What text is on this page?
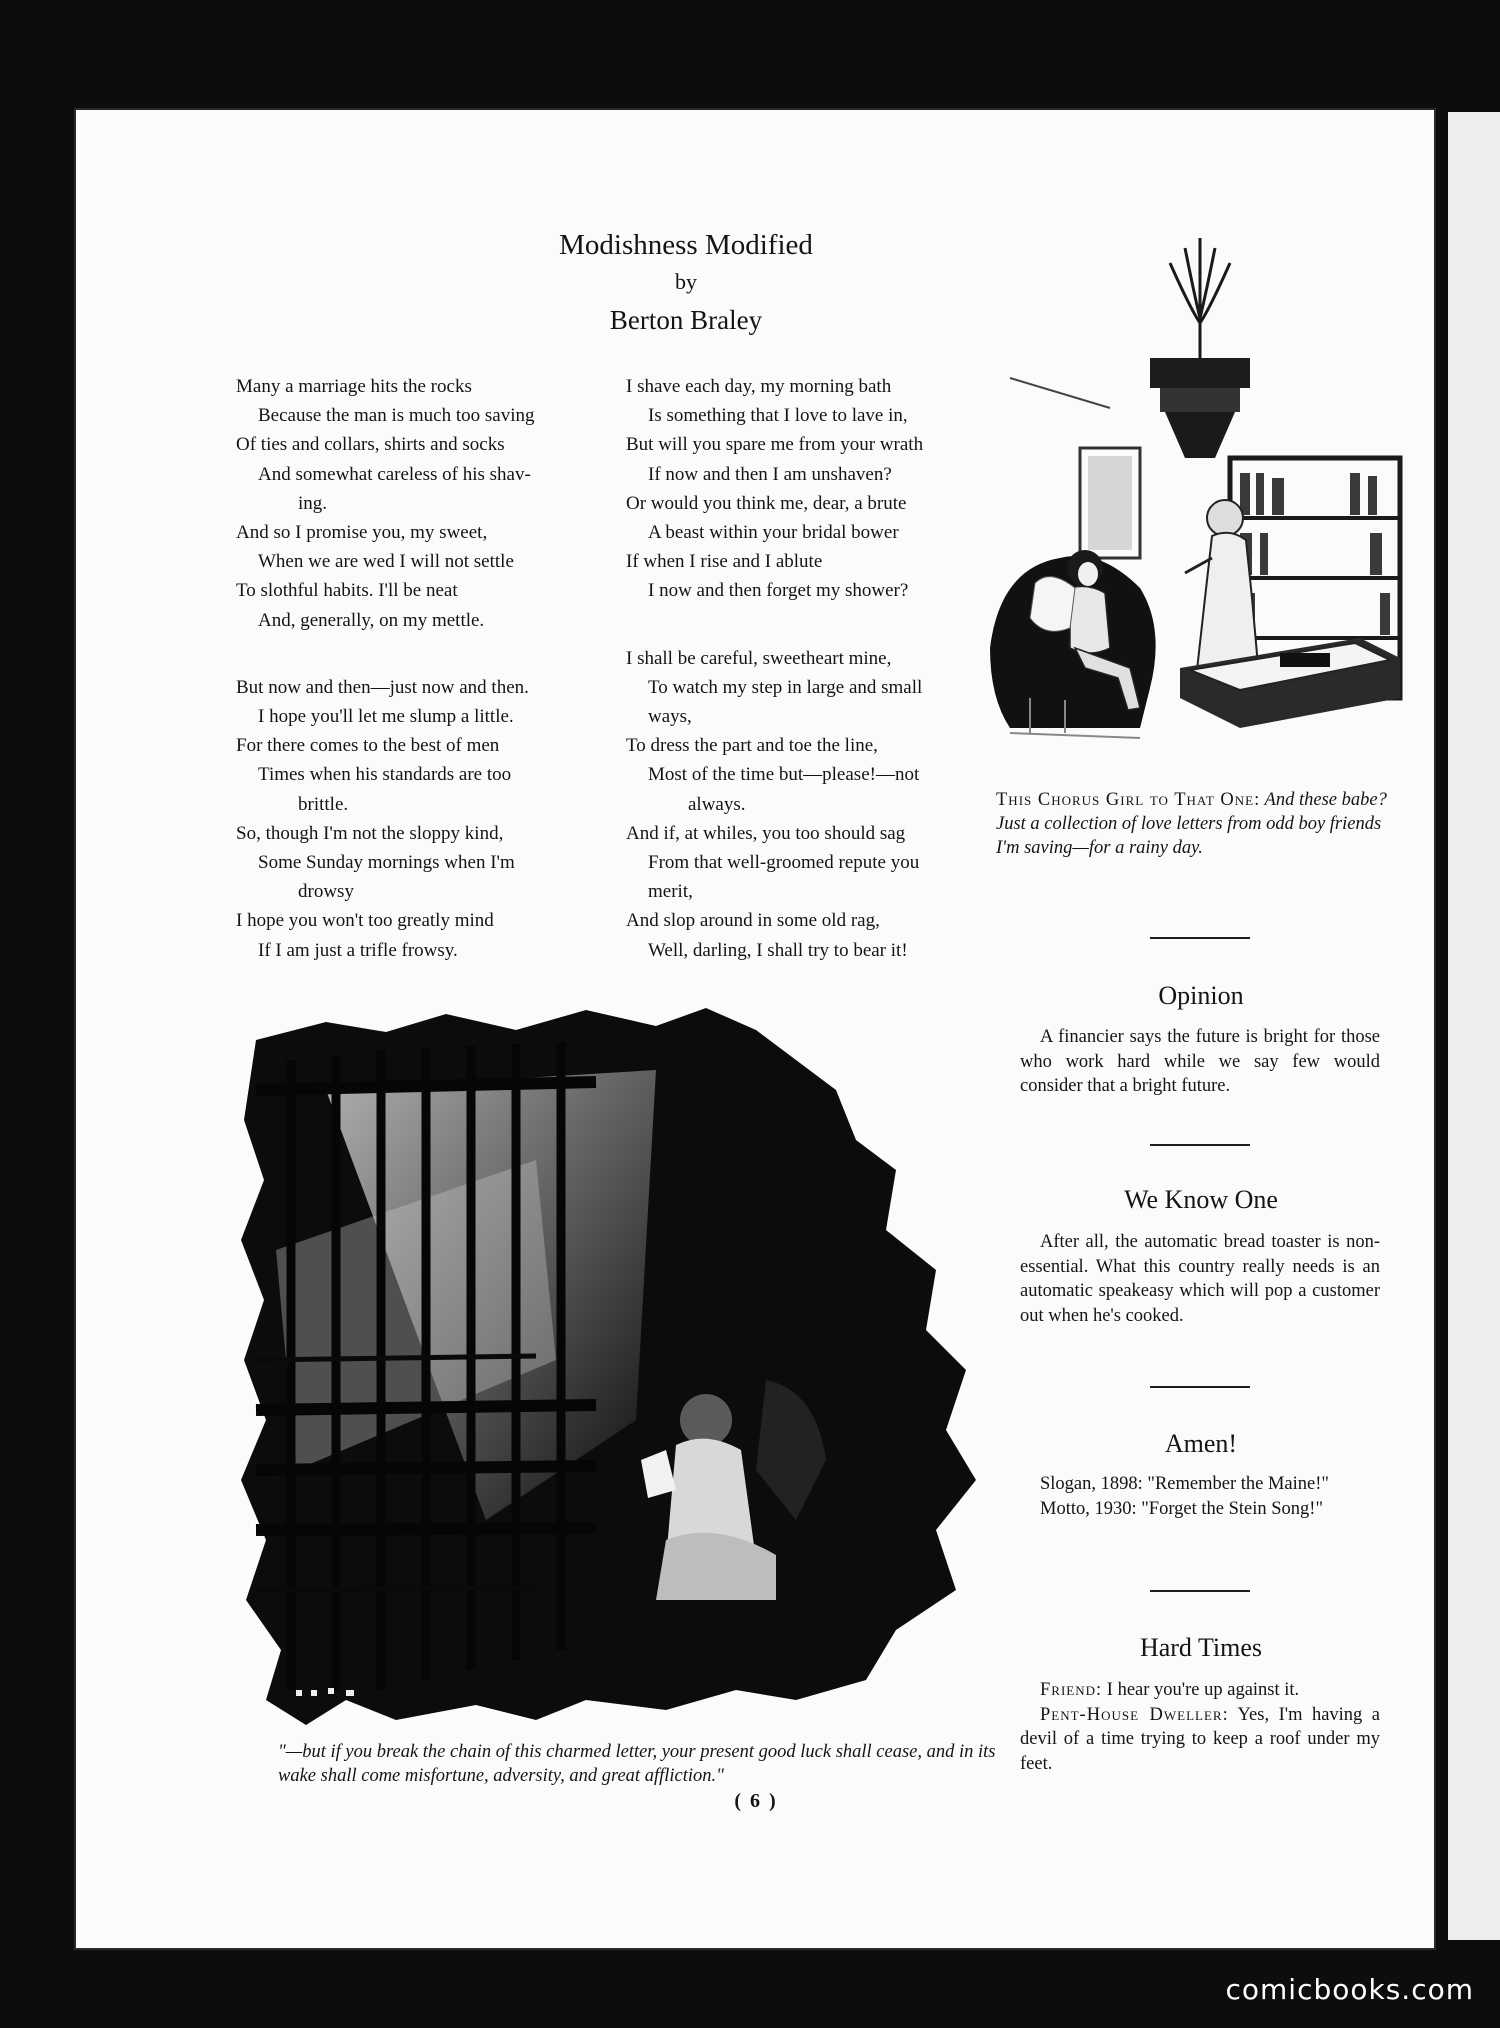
Modishness Modified
by
Berton Braley
Many a marriage hits the rocks
Because the man is much too saving
Of ties and collars, shirts and socks
And somewhat careless of his shav-
ing.
And so I promise you, my sweet,
When we are wed I will not settle
To slothful habits. I'll be neat
And, generally, on my mettle.
But now and then—just now and then.
I hope you'll let me slump a little.
For there comes to the best of men
Times when his standards are too
brittle.
So, though I'm not the sloppy kind,
Some Sunday mornings when I'm
drowsy
I hope you won't too greatly mind
If I am just a trifle frowsy.
I shave each day, my morning bath
Is something that I love to lave in,
But will you spare me from your wrath
If now and then I am unshaven?
Or would you think me, dear, a brute
A beast within your bridal bower
If when I rise and I ablute
I now and then forget my shower?
I shall be careful, sweetheart mine,
To watch my step in large and small
ways,
To dress the part and toe the line,
Most of the time but—please!—not
always.
And if, at whiles, you too should sag
From that well-groomed repute you
merit,
And slop around in some old rag,
Well, darling, I shall try to bear it!
This Chorus Girl to That One: And these babe? Just a collection of love letters from odd boy friends I'm saving—for a rainy day.
"—but if you break the chain of this charmed letter, your present good luck shall cease, and in its wake shall come misfortune, adversity, and great affliction."
Opinion

A financier says the future is bright for those who work hard while we say few would consider that a bright future.

We Know One

After all, the automatic bread toaster is non-essential. What this country really needs is an automatic speakeasy which will pop a customer out when he's cooked.

Amen!

Slogan, 1898: "Remember the Maine!"

Motto, 1930: "Forget the Stein Song!"

Hard Times

Friend: I hear you're up against it.

Pent-House Dweller: Yes, I'm having a devil of a time trying to keep a roof under my feet.

( 6 )
comicbooks.com
